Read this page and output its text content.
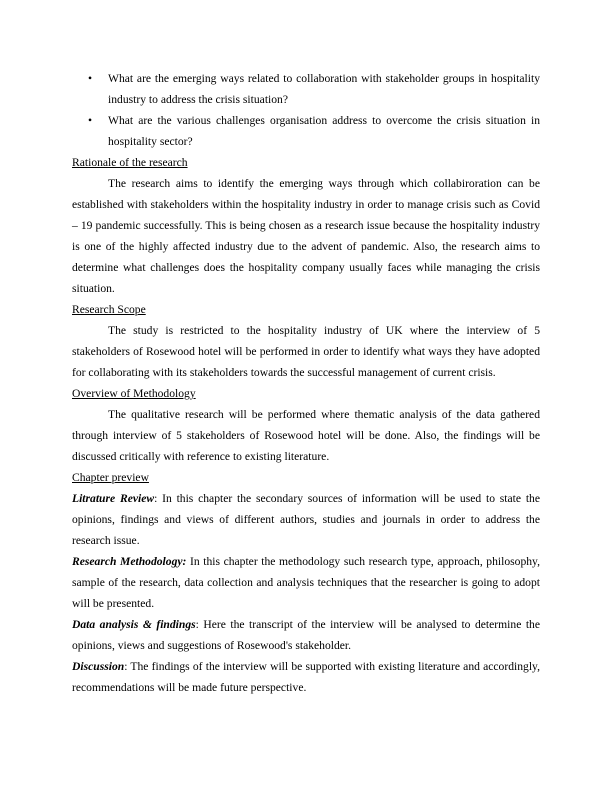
• What are the emerging ways related to collaboration with stakeholder groups in hospitality industry to address the crisis situation?
• What are the various challenges organisation address to overcome the crisis situation in hospitality sector?
Rationale of the research

The research aims to identify the emerging ways through which collabiroration can be established with stakeholders within the hospitality industry in order to manage crisis such as Covid – 19 pandemic successfully. This is being chosen as a research issue because the hospitality industry is one of the highly affected industry due to the advent of pandemic. Also, the research aims to determine what challenges does the hospitality company usually faces while managing the crisis situation.

Research Scope

The study is restricted to the hospitality industry of UK where the interview of 5 stakeholders of Rosewood hotel will be performed in order to identify what ways they have adopted for collaborating with its stakeholders towards the successful management of current crisis.

Overview of Methodology

The qualitative research will be performed where thematic analysis of the data gathered through interview of 5 stakeholders of Rosewood hotel will be done. Also, the findings will be discussed critically with reference to existing literature.

Chapter preview

Litrature Review: In this chapter the secondary sources of information will be used to state the opinions, findings and views of different authors, studies and journals in order to address the research issue.

Research Methodology: In this chapter the methodology such research type, approach, philosophy, sample of the research, data collection and analysis techniques that the researcher is going to adopt will be presented.

Data analysis & findings: Here the transcript of the interview will be analysed to determine the opinions, views and suggestions of Rosewood's stakeholder.

Discussion: The findings of the interview will be supported with existing literature and accordingly, recommendations will be made future perspective.
